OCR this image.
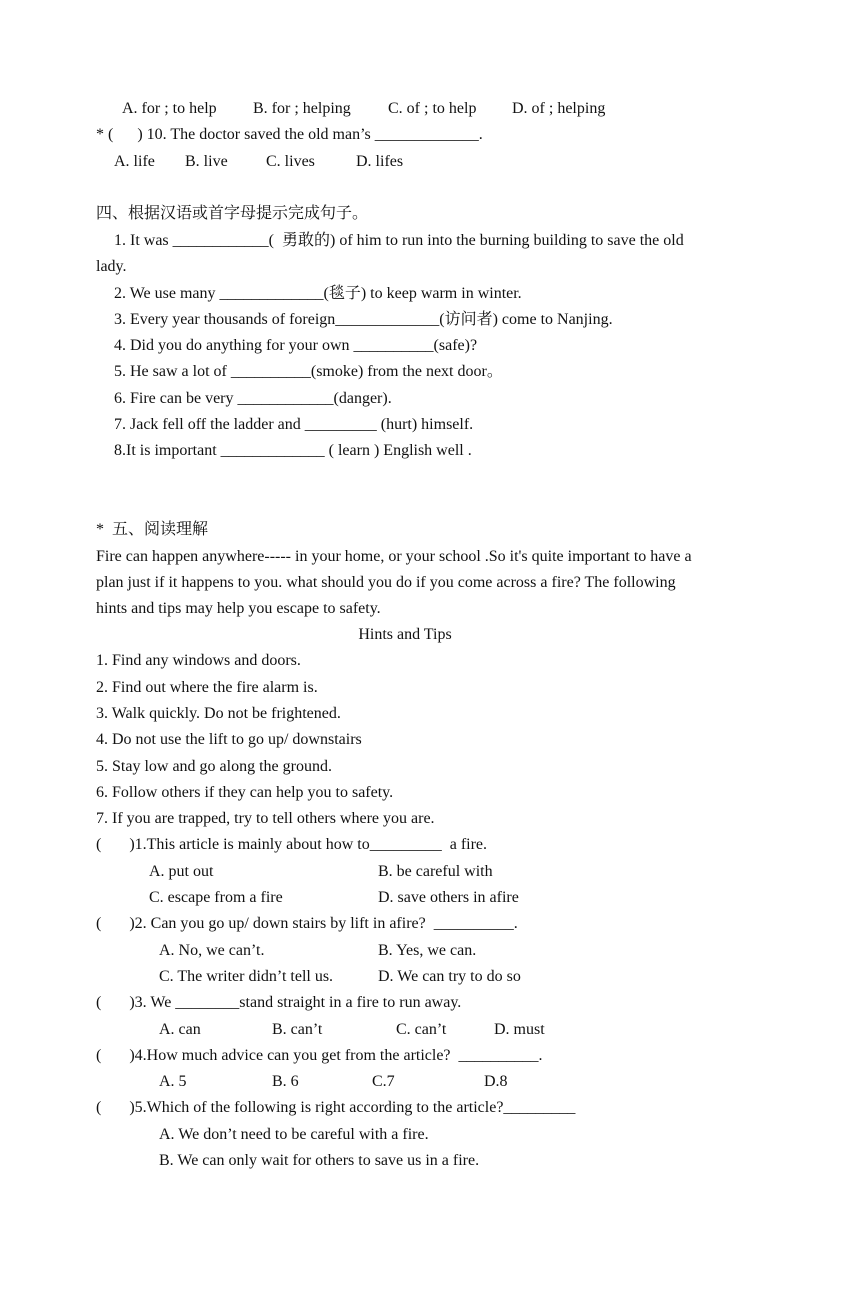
A. for ; to help B. for ; helping C. of ; to help D. of ; helping
* (      ) 10. The doctor saved the old man’s _____________.
A. life B. live C. lives	D. lifes
四、根据汉语或首字母提示完成句子。
1. It was ____________(  勇敢的) of him to run into the burning building to save the old
lady.
2. We use many _____________(毯子) to keep warm in winter.
3. Every year thousands of foreign_____________(访问者) come to Nanjing.
4. Did you do anything for your own __________(safe)?
5. He saw a lot of __________(smoke) from the next door。
6. Fire can be very ____________(danger).
7. Jack fell off the ladder and _________ (hurt) himself.
8.It is important _____________ ( learn ) English well .
*  五、阅读理解
Fire can happen anywhere----- in your home, or your school .So it's quite important to have a
plan just if it happens to you. what should you do if you come across a fire? The following
hints and tips may help you escape to safety.
Hints and Tips
1. Find any windows and doors.
2. Find out where the fire alarm is.
3. Walk quickly. Do not be frightened.
4. Do not use the lift to go up/ downstairs
5. Stay low and go along the ground.
6. Follow others if they can help you to safety.
7. If you are trapped, try to tell others where you are.
(       )1.This article is mainly about how to_________  a fire.
A. put out	B. be careful with
C. escape from a fire	D. save others in afire
(       )2. Can you go up/ down stairs by lift in afire?  __________.
A. No, we can’t.	B. Yes, we can.
C. The writer didn’t tell us.	D. We can try to do so
(       )3. We ________stand straight in a fire to run away.
A. can	B. can’t	C. can’t	D. must
(       )4.How much advice can you get from the article?  __________.
A. 5	B. 6	C.7	D.8
(       )5.Which of the following is right according to the article?_________
A. We don’t need to be careful with a fire.
B. We can only wait for others to save us in a fire.
